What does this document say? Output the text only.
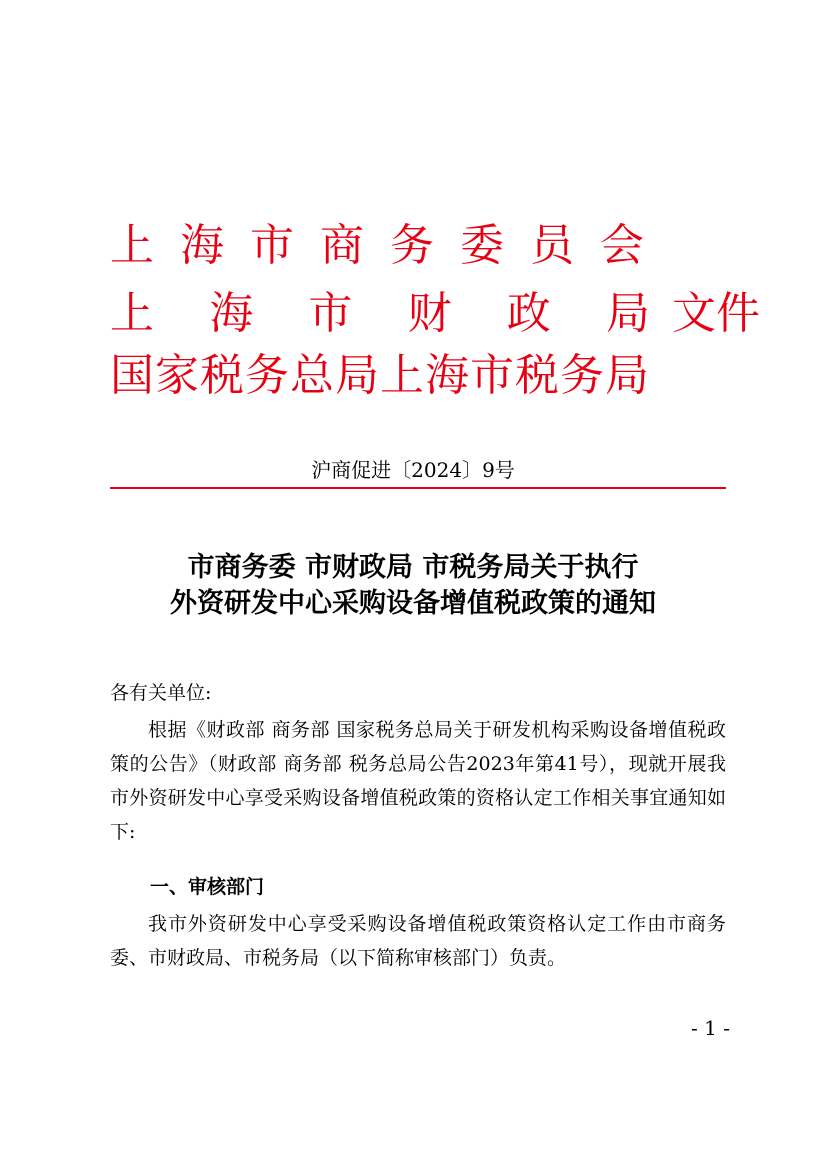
上海市商务委员会
上 海 市 财 政 局 文件
国家税务总局上海市税务局
沪商促进〔2024〕9号
市商务委 市财政局 市税务局关于执行
外资研发中心采购设备增值税政策的通知
各有关单位:
根据《财政部 商务部 国家税务总局关于研发机构采购设备增值税政策的公告》（财政部 商务部 税务总局公告2023年第41号），现就开展我市外资研发中心享受采购设备增值税政策的资格认定工作相关事宜通知如下:
一、审核部门
我市外资研发中心享受采购设备增值税政策资格认定工作由市商务委、市财政局、市税务局（以下简称审核部门）负责。
- 1 -
